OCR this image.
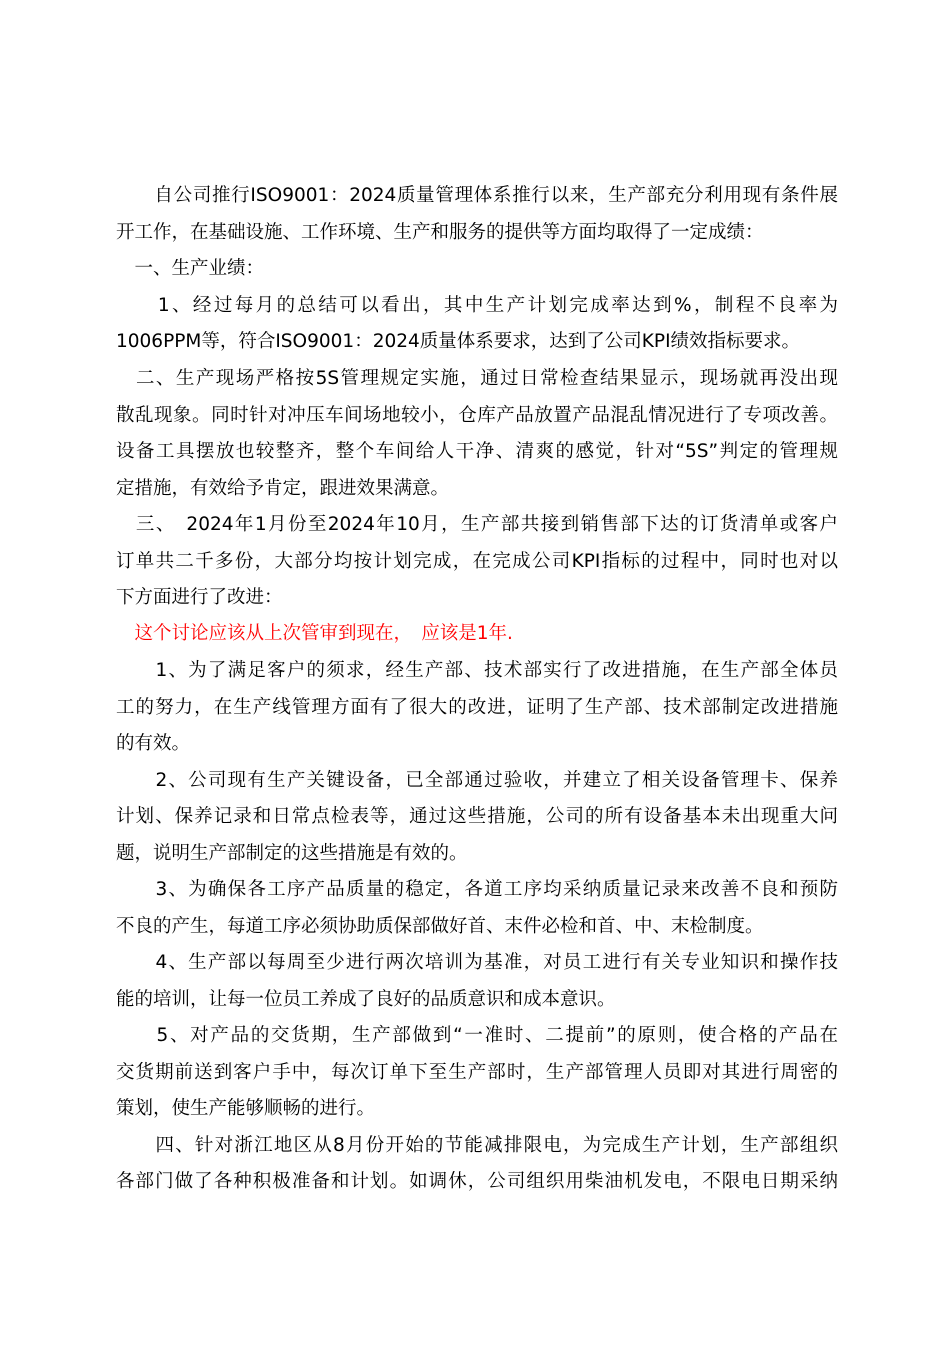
　　自公司推行ISO9001：2024质量管理体系推行以来，生产部充分利用现有条件展
开工作，在基础设施、工作环境、生产和服务的提供等方面均取得了一定成绩：
　一、生产业绩：
　　1、经过每月的总结可以看出，其中生产计划完成率达到%，制程不良率为
1006PPM等，符合ISO9001：2024质量体系要求，达到了公司KPI绩效指标要求。
　二、生产现场严格按5S管理规定实施，通过日常检查结果显示，现场就再没出现
散乱现象。同时针对冲压车间场地较小，仓库产品放置产品混乱情况进行了专项改善。
设备工具摆放也较整齐，整个车间给人干净、清爽的感觉，针对“5S”判定的管理规
定措施，有效给予肯定，跟进效果满意。
　三、　2024年1月份至2024年10月，生产部共接到销售部下达的订货清单或客户
订单共二千多份，大部分均按计划完成，在完成公司KPI指标的过程中，同时也对以
下方面进行了改进：
　这个讨论应该从上次管审到现在，　应该是1年.
　　1、为了满足客户的须求，经生产部、技术部实行了改进措施，在生产部全体员
工的努力，在生产线管理方面有了很大的改进，证明了生产部、技术部制定改进措施
的有效。
　　2、公司现有生产关键设备，已全部通过验收，并建立了相关设备管理卡、保养
计划、保养记录和日常点检表等，通过这些措施，公司的所有设备基本未出现重大问
题，说明生产部制定的这些措施是有效的。
　　3、为确保各工序产品质量的稳定，各道工序均采纳质量记录来改善不良和预防
不良的产生，每道工序必须协助质保部做好首、末件必检和首、中、末检制度。
　　4、生产部以每周至少进行两次培训为基准，对员工进行有关专业知识和操作技
能的培训，让每一位员工养成了良好的品质意识和成本意识。
　　5、对产品的交货期，生产部做到“一准时、二提前”的原则，使合格的产品在
交货期前送到客户手中，每次订单下至生产部时，生产部管理人员即对其进行周密的
策划，使生产能够顺畅的进行。
　　四、针对浙江地区从8月份开始的节能减排限电，为完成生产计划，生产部组织
各部门做了各种积极准备和计划。如调休，公司组织用柴油机发电，不限电日期采纳
